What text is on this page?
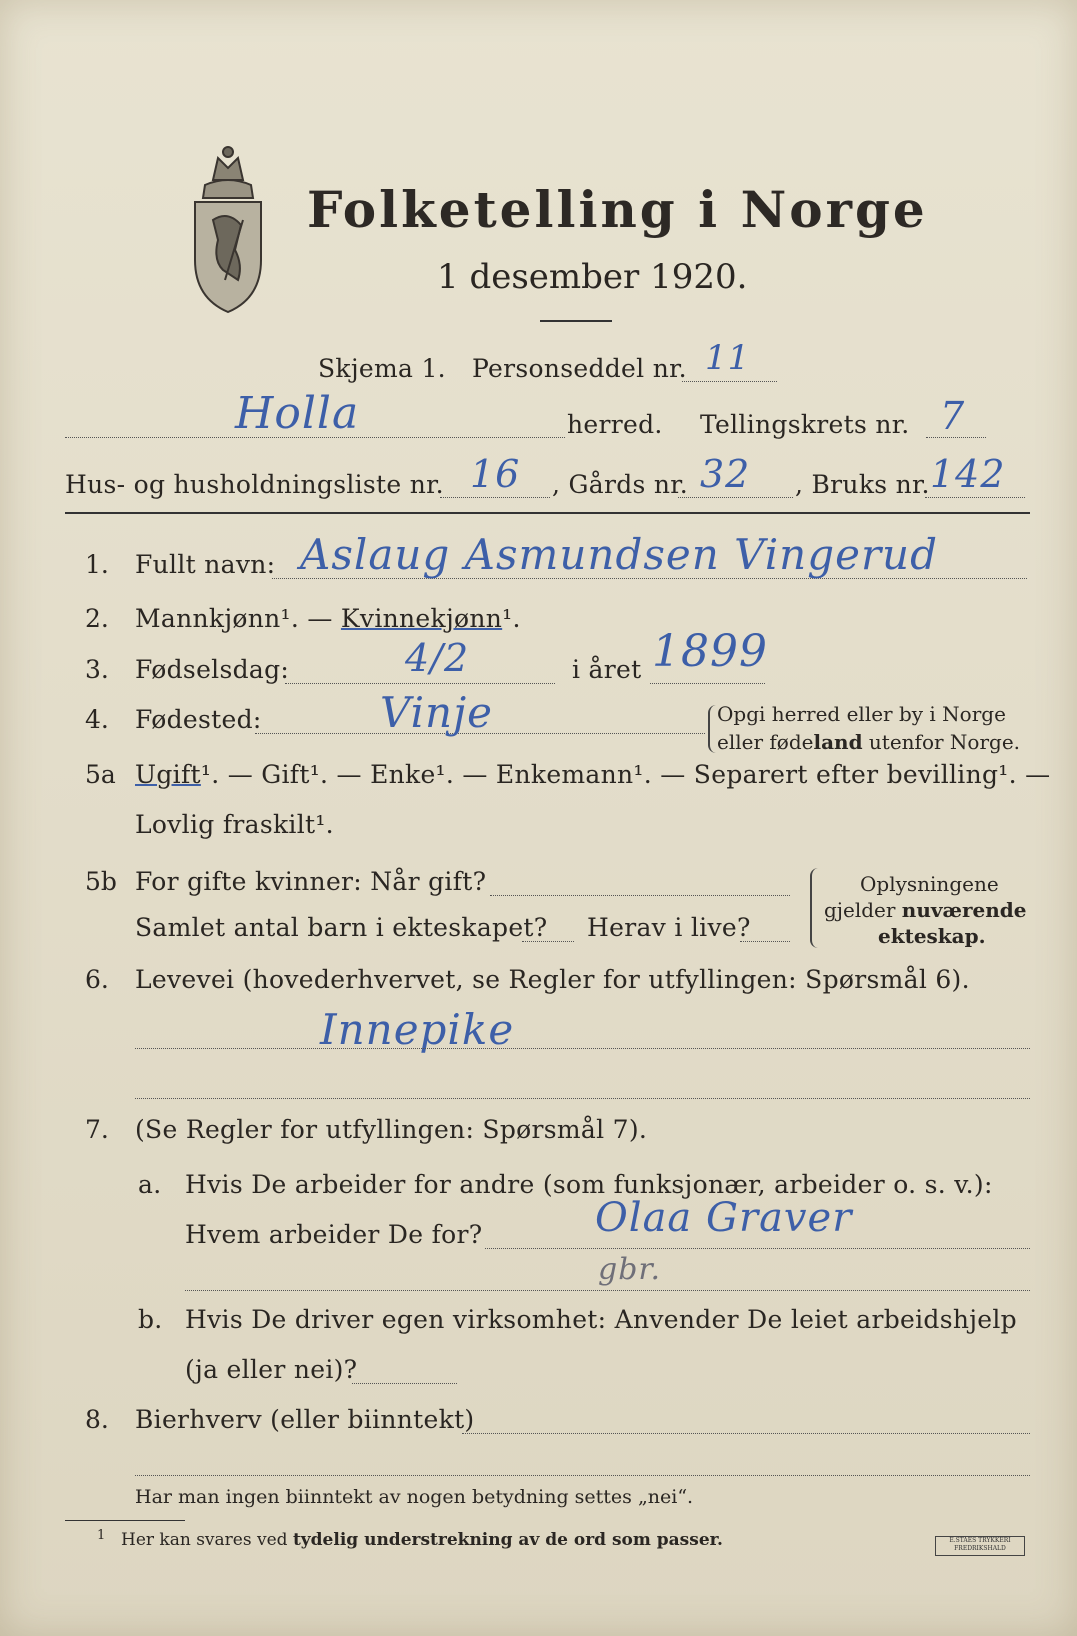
Folketelling i Norge
1 desember 1920.
Skjema 1. Personseddel nr. 11
Holla	herred. Tellingskrets nr. 7
Hus- og husholdningsliste nr. 16 , Gårds nr. 32 , Bruks nr. 142
1. Fullt navn: Aslaug Asmundsen Vingerud
2. Mannkjønn¹. — Kvinnekjønn¹.
3. Fødselsdag:	4/2	i året 1899
4. Fødested:	Vinje	Opgi herred eller by i Norge
eller fødeland utenfor Norge.
5a Ugift¹. — Gift¹. — Enke¹. — Enkemann¹. — Separert efter bevilling¹. —
Lovlig fraskilt¹.
5b For gifte kvinner: Når gift?
Samlet antal barn i ekteskapet? Herav i live?
Oplysningene
gjelder nuværende
ekteskap.
6. Levevei (hovederhvervet, se Regler for utfyllingen: Spørsmål 6).
Innepike
7. (Se Regler for utfyllingen: Spørsmål 7).
a. Hvis De arbeider for andre (som funksjonær, arbeider o. s. v.):
Hvem arbeider De for?	Olaa Graver
gbr.
b. Hvis De driver egen virksomhet: Anvender De leiet arbeidshjelp
(ja eller nei)?
8. Bierhverv (eller biinntekt)
Har man ingen biinntekt av nogen betydning settes „nei“.
1 Her kan svares ved tydelig understrekning av de ord som passer.	E.STAES TRYKKERI
FREDRIKSHALD
